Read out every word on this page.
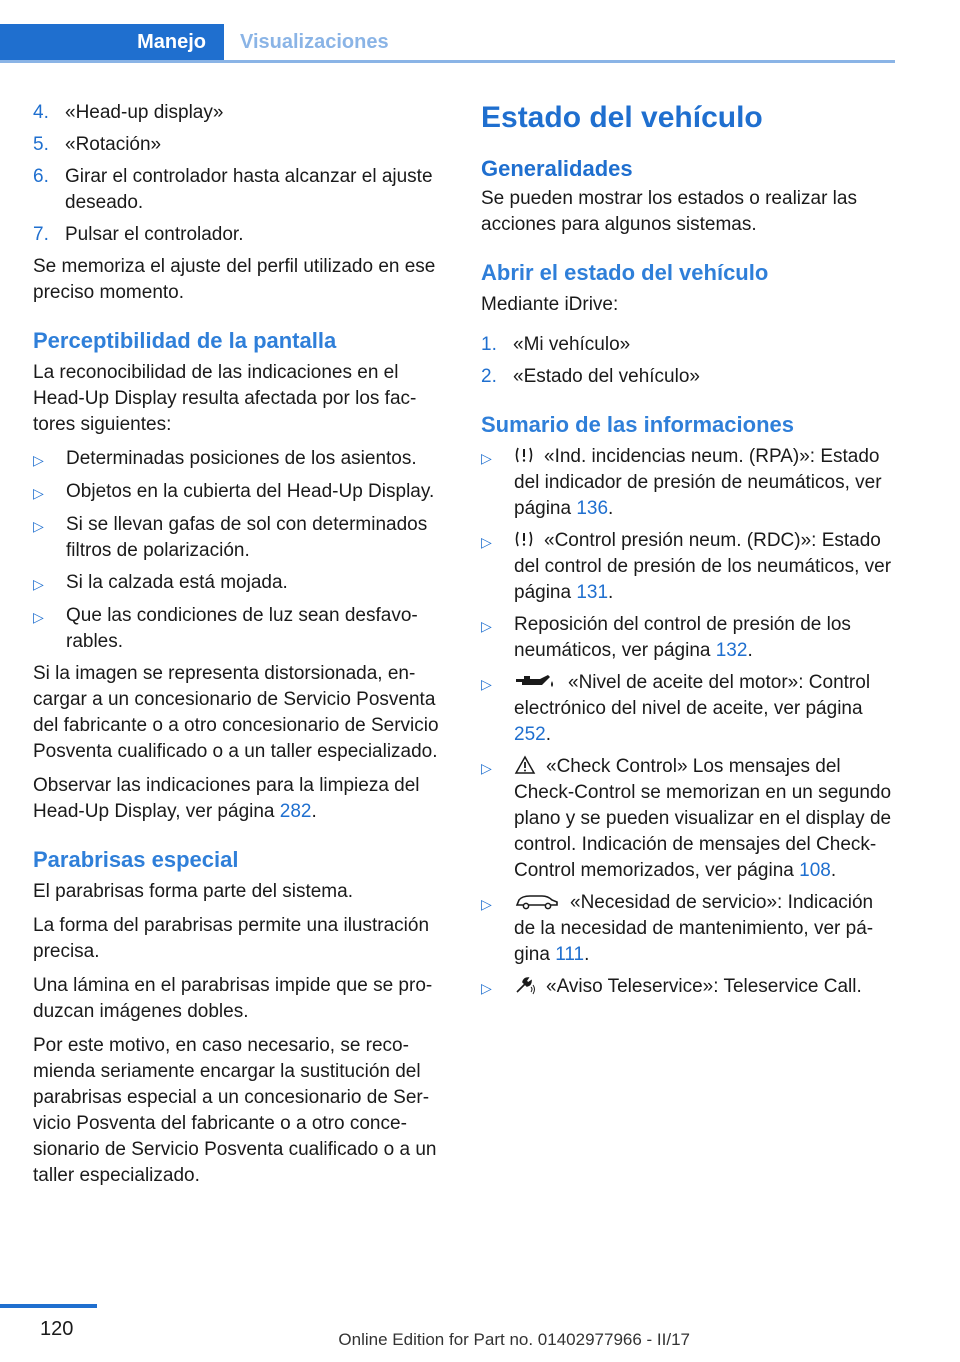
Manejo	Visualizaciones
4. «Head-up display»
5. «Rotación»
6. Girar el controlador hasta alcanzar el ajuste deseado.
7. Pulsar el controlador.

Se memoriza el ajuste del perfil utilizado en ese preciso momento.

Perceptibilidad de la pantalla

La reconocibilidad de las indicaciones en el Head-Up Display resulta afectada por los factores siguientes:

▷	Determinadas posiciones de los asientos.
▷	Objetos en la cubierta del Head-Up Display.
▷	Si se llevan gafas de sol con determinados filtros de polarización.
▷	Si la calzada está mojada.
▷	Que las condiciones de luz sean desfavorables.

Si la imagen se representa distorsionada, encargar a un concesionario de Servicio Posventa del fabricante o a otro concesionario de Servicio Posventa cualificado o a un taller especializado.

Observar las indicaciones para la limpieza del Head-Up Display, ver página 282.

Parabrisas especial

El parabrisas forma parte del sistema.

La forma del parabrisas permite una ilustración precisa.

Una lámina en el parabrisas impide que se produzcan imágenes dobles.

Por este motivo, en caso necesario, se recomienda seriamente encargar la sustitución del parabrisas especial a un concesionario de Servicio Posventa del fabricante o a otro concesionario de Servicio Posventa cualificado o a un taller especializado.

Estado del vehículo
Generalidades

Se pueden mostrar los estados o realizar las acciones para algunos sistemas.

Abrir el estado del vehículo

Mediante iDrive:

1. «Mi vehículo»
2. «Estado del vehículo»
Sumario de las informaciones
▷	«Ind. incidencias neum. (RPA)»: Estado del indicador de presión de neumáticos, ver página 136.
▷	«Control presión neum. (RDC)»: Estado del control de presión de los neumáticos, ver página 131.
▷	Reposición del control de presión de los neumáticos, ver página 132.
▷	«Nivel de aceite del motor»: Control electrónico del nivel de aceite, ver página 252.
▷	«Check Control» Los mensajes del Check-Control se memorizan en un segundo plano y se pueden visualizar en el display de control. Indicación de mensajes del Check-Control memorizados, ver página 108.
▷	«Necesidad de servicio»: Indicación de la necesidad de mantenimiento, ver página 111.
▷	«Aviso Teleservice»: Teleservice Call.
120	Online Edition for Part no. 01402977966 - II/17
